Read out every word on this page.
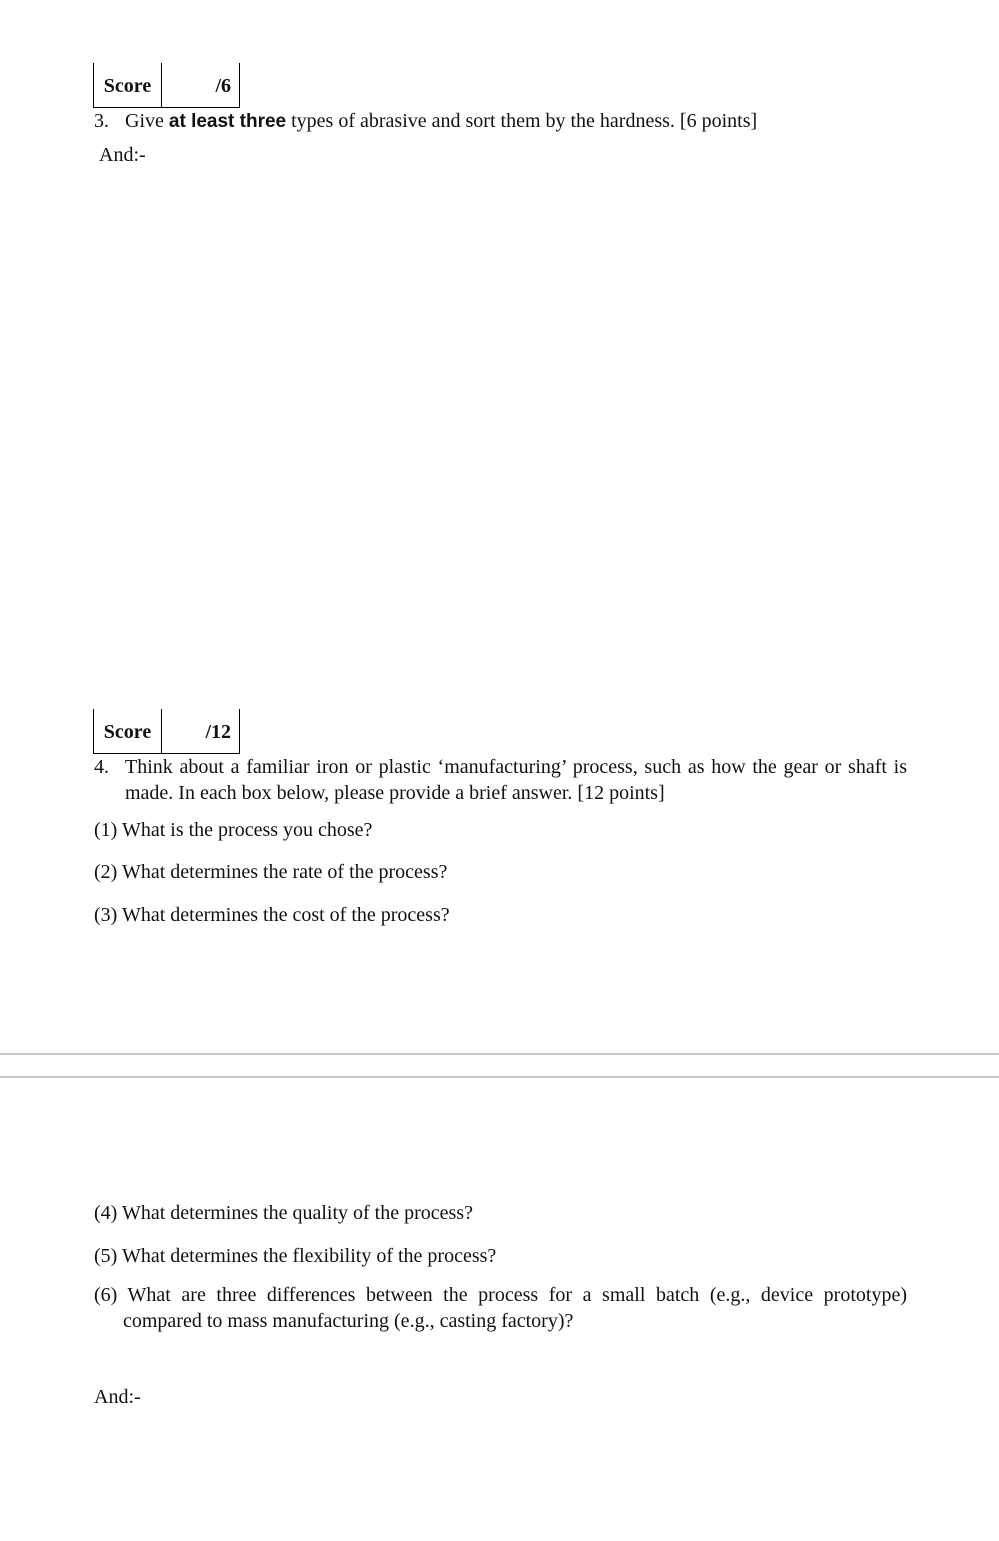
Score	/6
3. Give at least three types of abrasive and sort them by the hardness. [6 points]
And:-
Score	/12
4. Think about a familiar iron or plastic ‘manufacturing’ process, such as how the gear or shaft is
made. In each box below, please provide a brief answer. [12 points]
(1) What is the process you chose?
(2) What determines the rate of the process?
(3) What determines the cost of the process?
(4) What determines the quality of the process?
(5) What determines the flexibility of the process?
(6) What are three differences between the process for a small batch (e.g., device prototype)
compared to mass manufacturing (e.g., casting factory)?
And:-
